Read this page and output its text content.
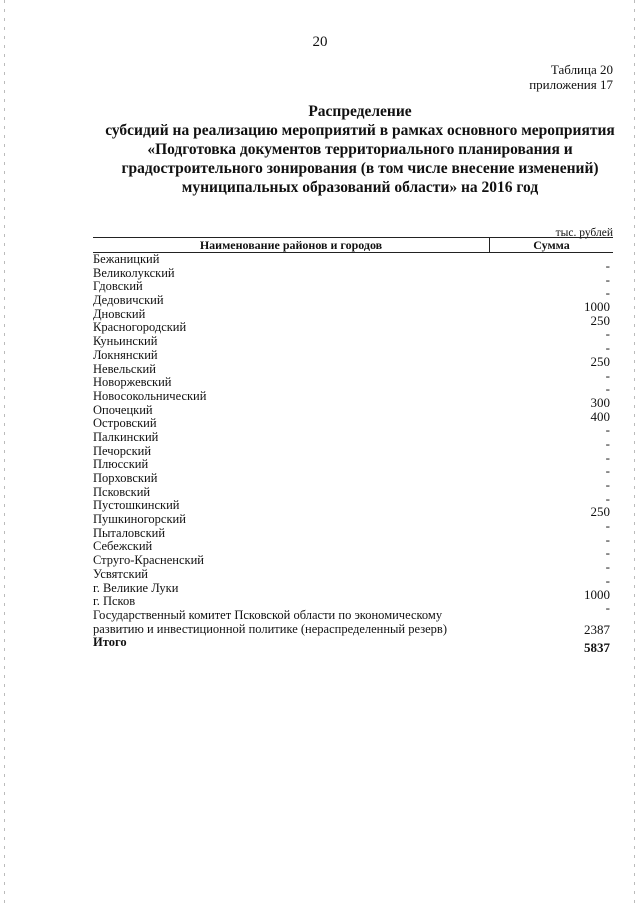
20
Таблица 20
приложения 17
Распределение
субсидий на реализацию мероприятий в рамках основного мероприятия
«Подготовка документов территориального планирования и
градостроительного зонирования (в том числе внесение изменений)
муниципальных образований области» на 2016 год
тыс. рублей
Наименование районов и городов	Сумма
Бежаницкий	-
Великолукский	-
Гдовский	-
Дедовичский	1000
Дновский	250
Красногородский	-
Куньинский	-
Локнянский	250
Невельский	-
Новоржевский	-
Новосокольнический	300
Опочецкий	400
Островский	-
Палкинский	-
Печорский	-
Плюсский	-
Порховский	-
Псковский	-
Пустошкинский	250
Пушкиногорский	-
Пыталовский	-
Себежский	-
Струго-Красненский	-
Усвятский	-
г. Великие Луки	1000
г. Псков	-
Государственный комитет Псковской области по экономическому развитию и инвестиционной политике (нераспределенный резерв)	2387
Итого	5837
